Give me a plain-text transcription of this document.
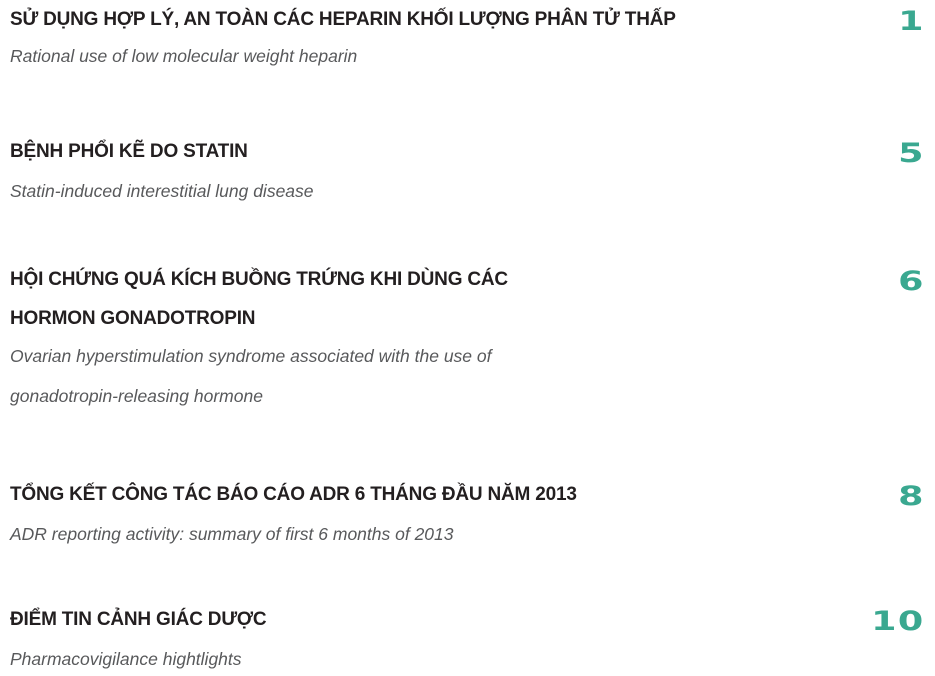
SỬ DỤNG HỢP LÝ, AN TOÀN CÁC HEPARIN KHỐI LƯỢNG PHÂN TỬ THẤP
Rational use of low molecular weight heparin
1
BỆNH PHỔI KẼ DO STATIN
Statin-induced interestitial lung disease
5
HỘI CHỨNG QUÁ KÍCH BUỒNG TRỨNG KHI DÙNG CÁC
HORMON GONADOTROPIN
Ovarian hyperstimulation syndrome associated with the use of
gonadotropin-releasing hormone
6
TỔNG KẾT CÔNG TÁC BÁO CÁO ADR 6 THÁNG ĐẦU NĂM 2013
ADR reporting activity: summary of first 6 months of 2013
8
ĐIỂM TIN CẢNH GIÁC DƯỢC
Pharmacovigilance hightlights
10
